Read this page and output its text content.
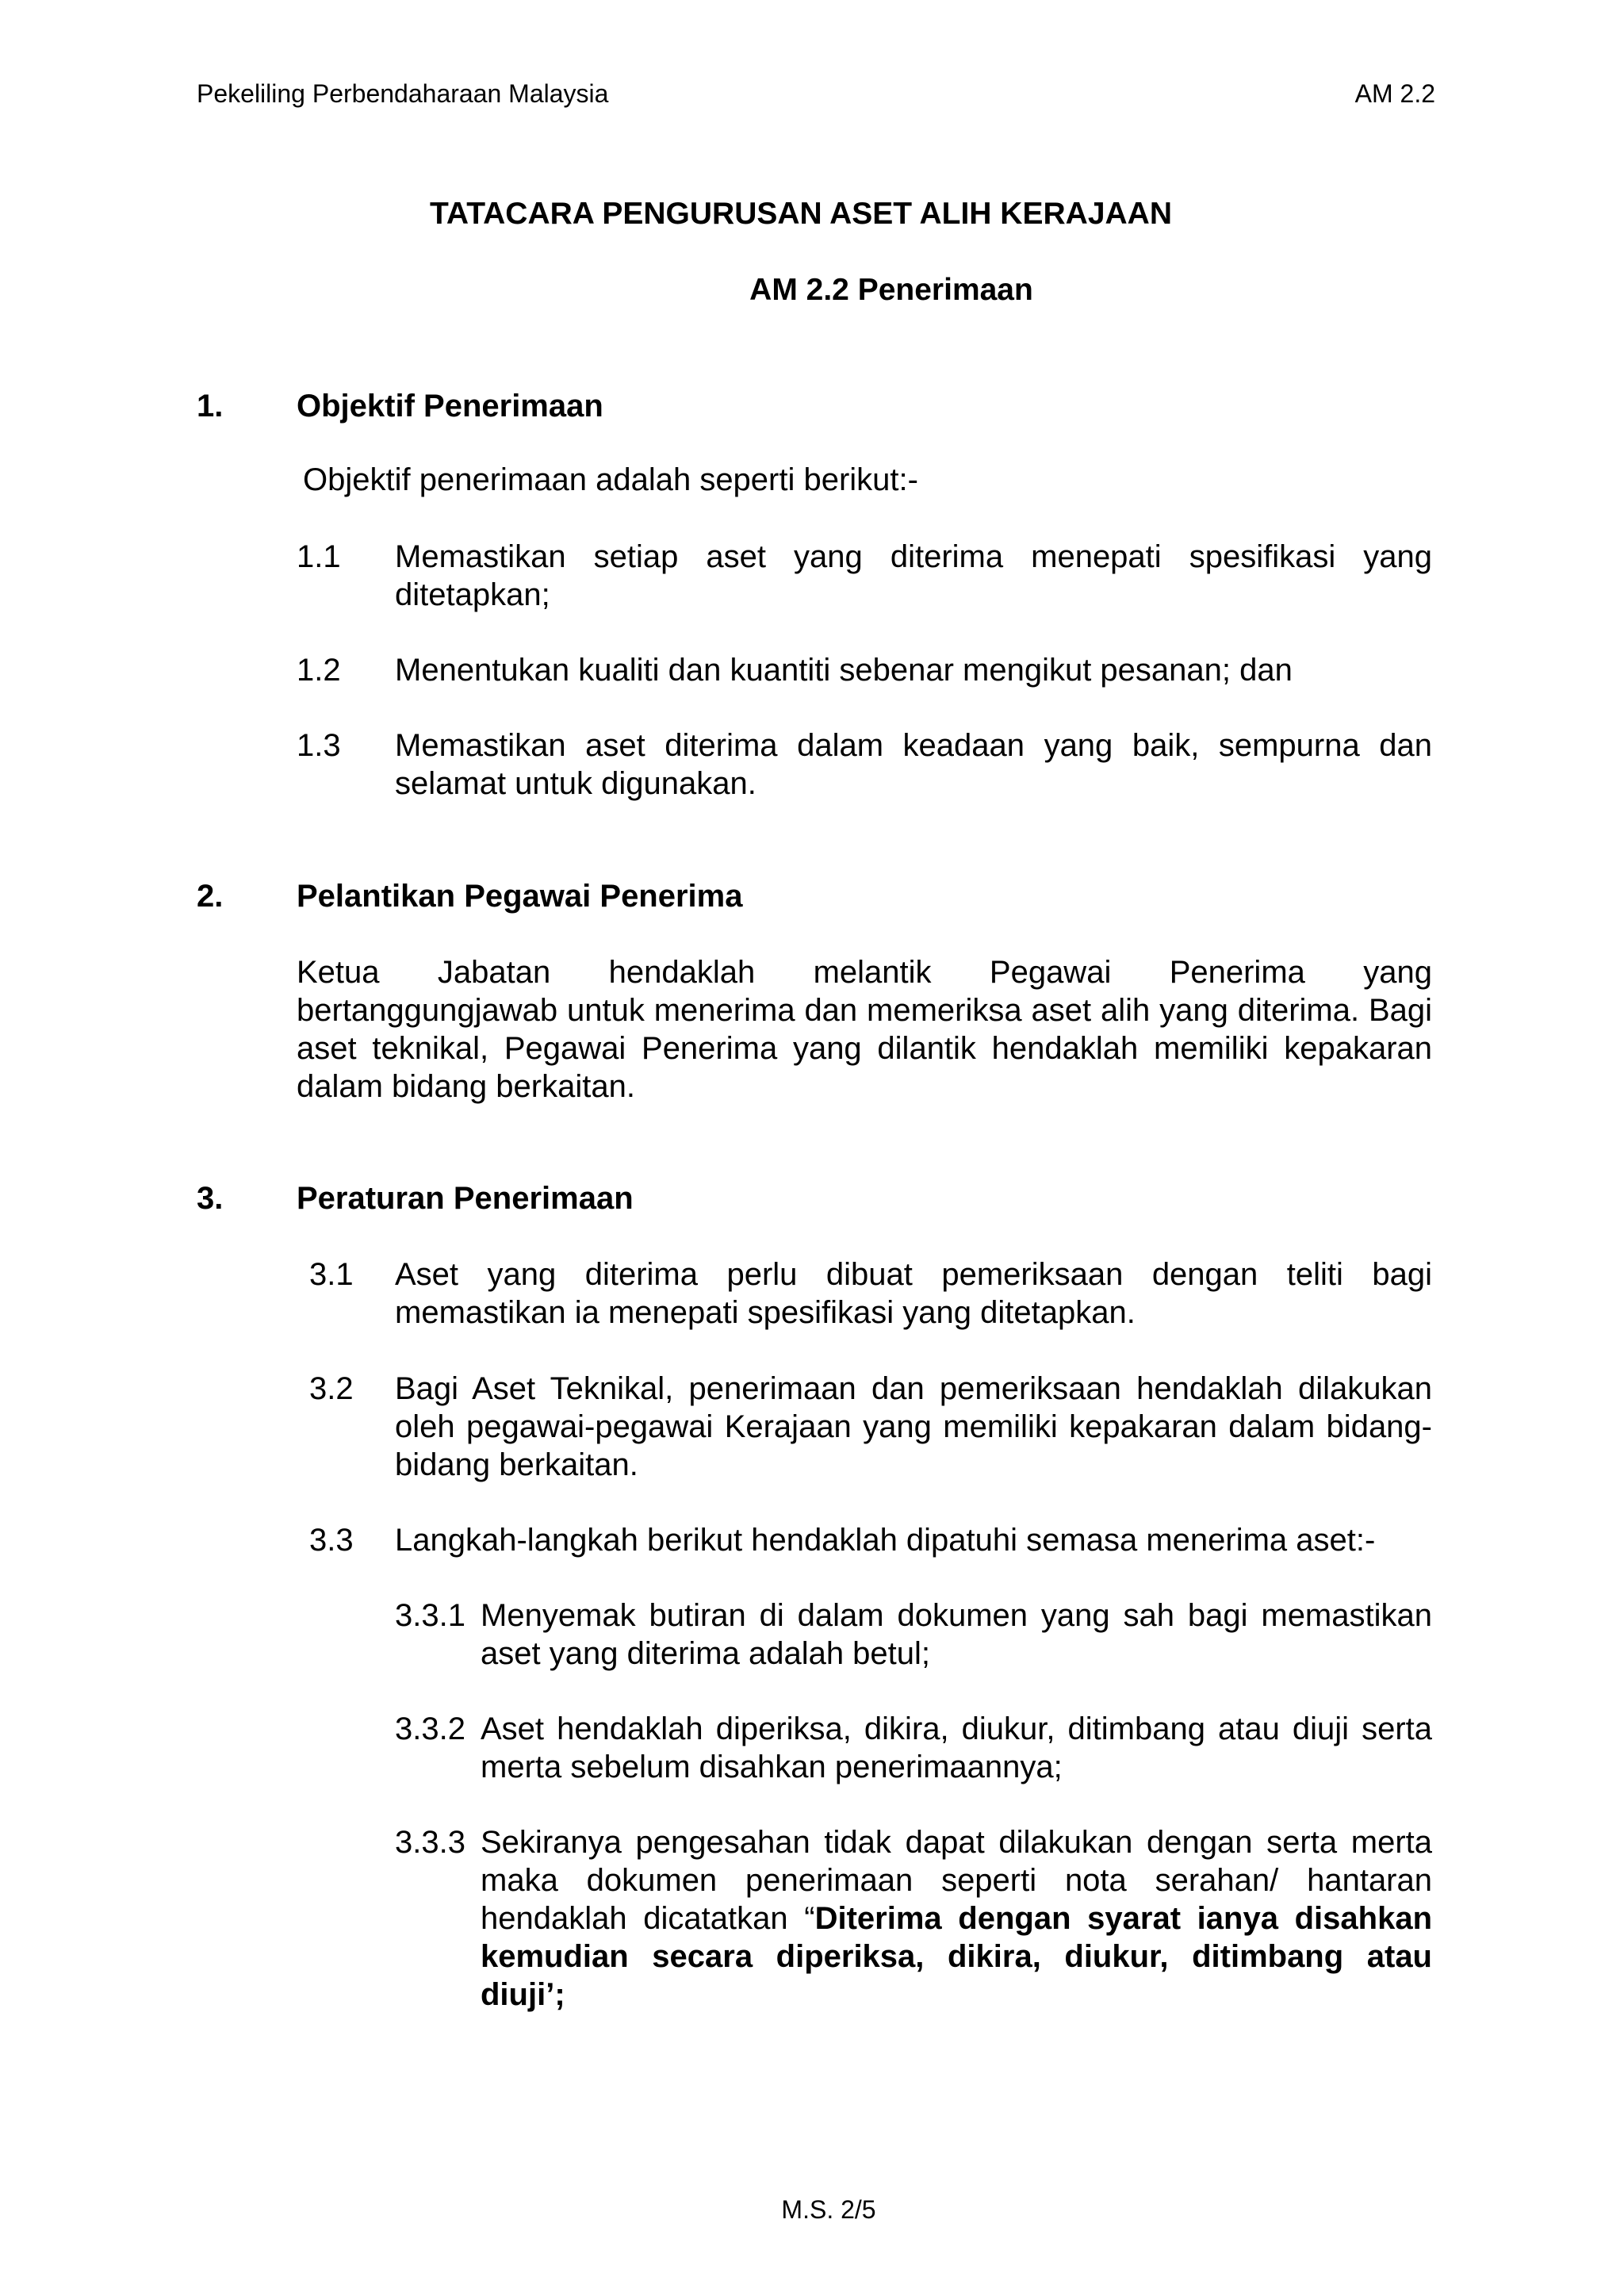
Pekeliling Perbendaharaan Malaysia	AM 2.2
TATACARA PENGURUSAN ASET ALIH KERAJAAN
AM 2.2 Penerimaan
1. Objektif Penerimaan
Objektif penerimaan adalah seperti berikut:-
1.1 Memastikan setiap aset yang diterima menepati spesifikasi yang ditetapkan;
1.2 Menentukan kualiti dan kuantiti sebenar mengikut pesanan; dan
1.3 Memastikan aset diterima dalam keadaan yang baik, sempurna dan selamat untuk digunakan.
2. Pelantikan Pegawai Penerima
Ketua Jabatan hendaklah melantik Pegawai Penerima yang
bertanggungjawab untuk menerima dan memeriksa aset alih yang diterima. Bagi aset teknikal, Pegawai Penerima yang dilantik hendaklah memiliki kepakaran dalam bidang berkaitan.
3. Peraturan Penerimaan
3.1 Aset yang diterima perlu dibuat pemeriksaan dengan teliti bagi memastikan ia menepati spesifikasi yang ditetapkan.
3.2 Bagi Aset Teknikal, penerimaan dan pemeriksaan hendaklah dilakukan oleh pegawai-pegawai Kerajaan yang memiliki kepakaran dalam bidang-bidang berkaitan.
3.3 Langkah-langkah berikut hendaklah dipatuhi semasa menerima aset:-
3.3.1 Menyemak butiran di dalam dokumen yang sah bagi memastikan aset yang diterima adalah betul;
3.3.2 Aset hendaklah diperiksa, dikira, diukur, ditimbang atau diuji serta merta sebelum disahkan penerimaannya;
3.3.3 Sekiranya pengesahan tidak dapat dilakukan dengan serta merta maka dokumen penerimaan seperti nota serahan/ hantaran hendaklah dicatatkan “Diterima dengan syarat ianya disahkan kemudian secara diperiksa, dikira, diukur, ditimbang atau diuji’;
M.S. 2/5
